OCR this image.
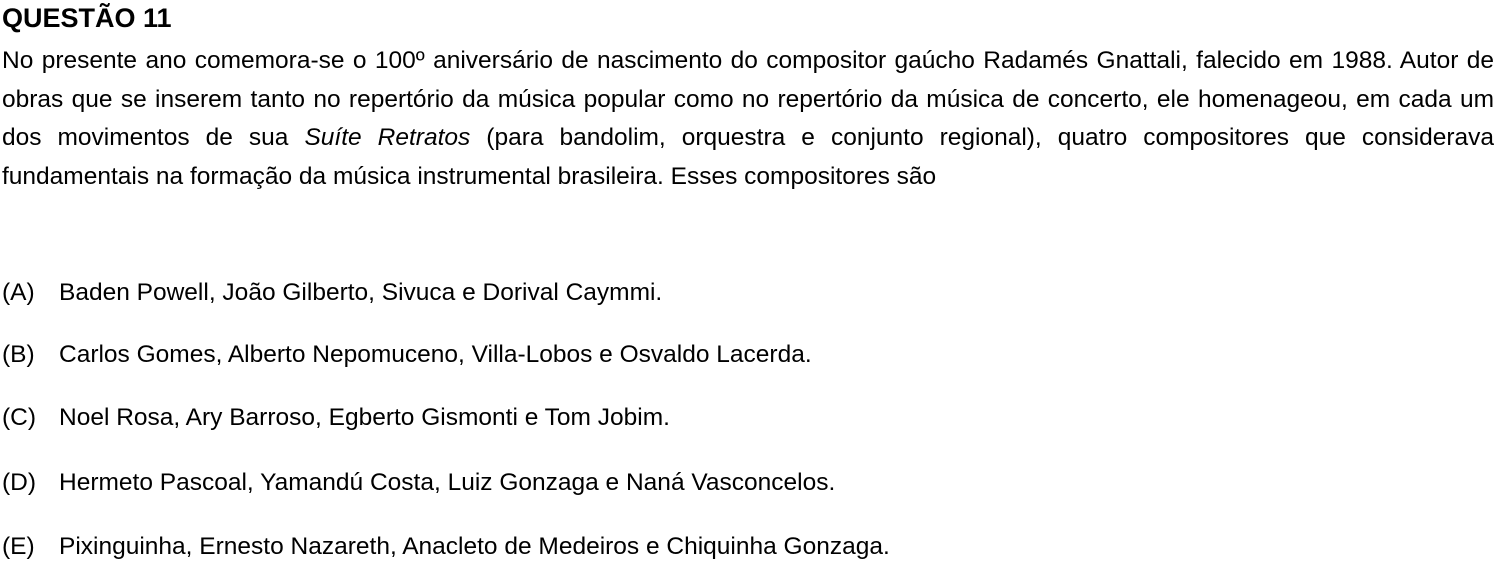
QUESTÃO 11
No presente ano comemora-se o 100º aniversário de nascimento do compositor gaúcho Radamés Gnattali, falecido em 1988. Autor de obras que se inserem tanto no repertório da música popular como no repertório da música de concerto, ele homenageou, em cada um dos movimentos de sua Suíte Retratos (para bandolim, orquestra e conjunto regional), quatro compositores que considerava fundamentais na formação da música instrumental brasileira. Esses compositores são
(A) Baden Powell, João Gilberto, Sivuca e Dorival Caymmi.
(B) Carlos Gomes, Alberto Nepomuceno, Villa-Lobos e Osvaldo Lacerda.
(C) Noel Rosa, Ary Barroso, Egberto Gismonti e Tom Jobim.
(D) Hermeto Pascoal, Yamandú Costa, Luiz Gonzaga e Naná Vasconcelos.
(E) Pixinguinha, Ernesto Nazareth, Anacleto de Medeiros e Chiquinha Gonzaga.
